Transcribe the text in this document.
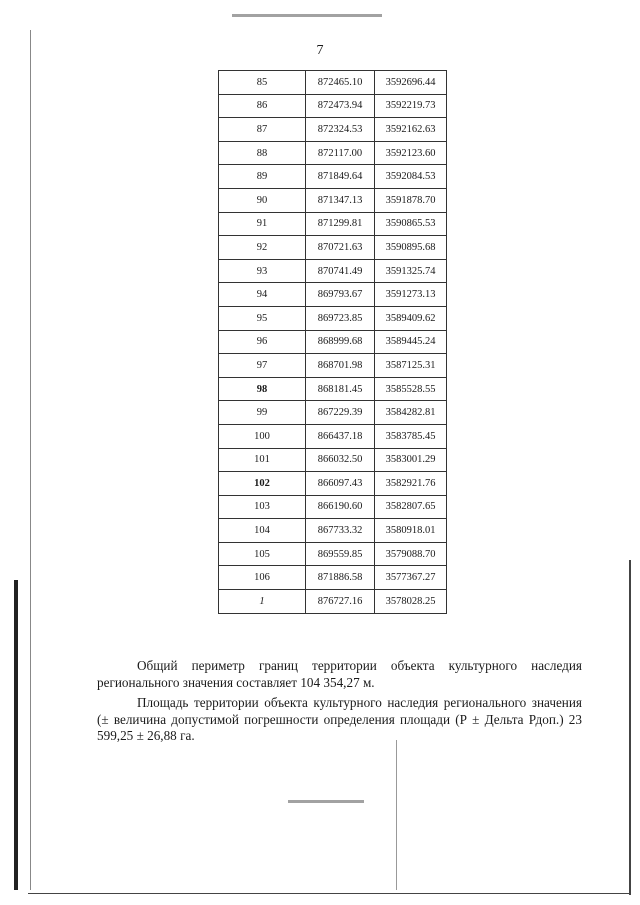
7
85	872465.10	3592696.44
86	872473.94	3592219.73
87	872324.53	3592162.63
88	872117.00	3592123.60
89	871849.64	3592084.53
90	871347.13	3591878.70
91	871299.81	3590865.53
92	870721.63	3590895.68
93	870741.49	3591325.74
94	869793.67	3591273.13
95	869723.85	3589409.62
96	868999.68	3589445.24
97	868701.98	3587125.31
98	868181.45	3585528.55
99	867229.39	3584282.81
100	866437.18	3583785.45
101	866032.50	3583001.29
102	866097.43	3582921.76
103	866190.60	3582807.65
104	867733.32	3580918.01
105	869559.85	3579088.70
106	871886.58	3577367.27
1	876727.16	3578028.25
Общий периметр границ территории объекта культурного наследия регионального значения составляет 104 354,27 м.
Площадь территории объекта культурного наследия регионального значения (± величина допустимой погрешности определения площади (Р ± Дельта Рдоп.) 23 599,25 ± 26,88 га.
